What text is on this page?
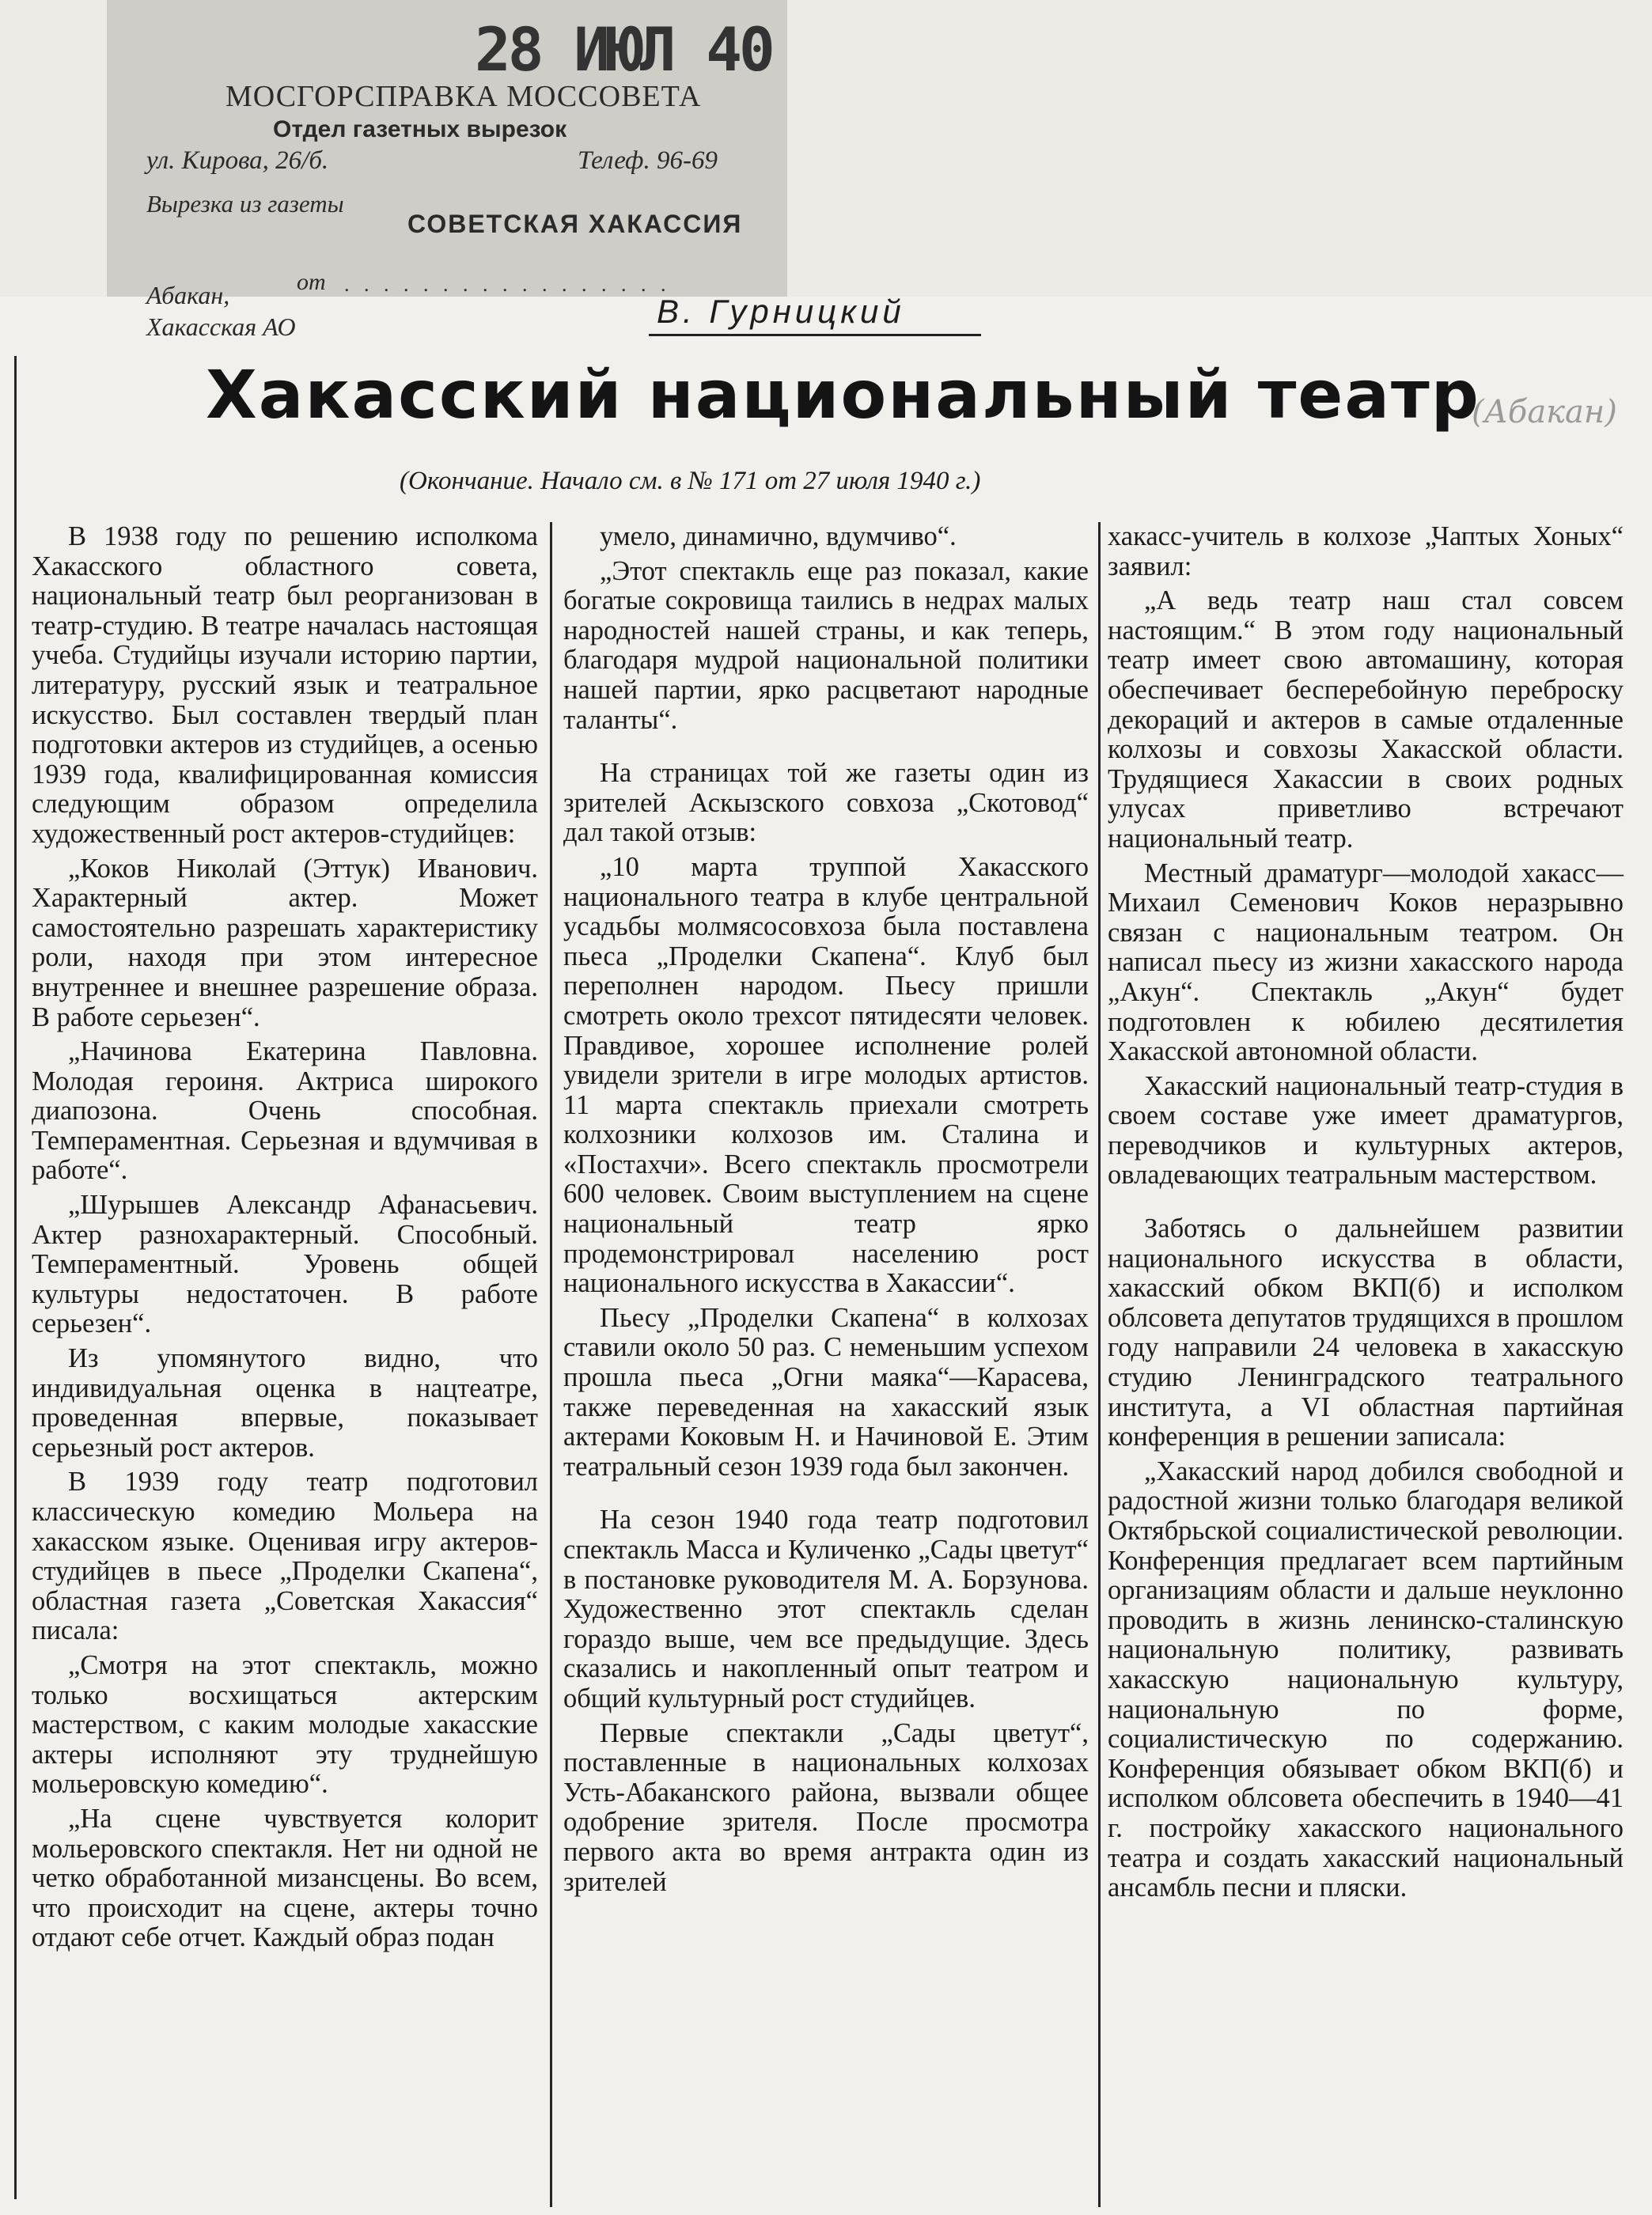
28 ИЮЛ 40
МОСГОРСПРАВКА МОССОВЕТА
Отдел газетных вырезок
ул. Кирова, 26/б.	Телеф. 96-69
Вырезка из газеты
СОВЕТСКАЯ ХАКАССИЯ
от . . . . . . . . . . . . . . . . .
Абакан,
Хакасская АО	В. Гурницкий
Хакасский национальный театр
(Абакан)
(Окончание. Начало см. в № 171 от 27 июля 1940 г.)

В 1938 году по решению исполкома Хакасского областного совета, национальный театр был реорганизован в театр-студию. В театре началась настоящая учеба. Студийцы изучали историю партии, литературу, русский язык и театральное искусство. Был составлен твердый план подготовки актеров из студийцев, а осенью 1939 года, квалифицированная комиссия следующим образом определила художественный рост актеров-студийцев:

„Коков Николай (Эттук) Иванович. Характерный актер. Может самостоятельно разрешать характеристику роли, находя при этом интересное внутреннее и внешнее разрешение образа. В работе серьезен“.

„Начинова Екатерина Павловна. Молодая героиня. Актриса широкого диапозона. Очень способная. Темпераментная. Серьезная и вдумчивая в работе“.

„Шурышев Александр Афанасьевич. Актер разнохарактерный. Способный. Темпераментный. Уровень общей культуры недостаточен. В работе серьезен“.

Из упомянутого видно, что индивидуальная оценка в нацтеатре, проведенная впервые, показывает серьезный рост актеров.

В 1939 году театр подготовил классическую комедию Мольера на хакасском языке. Оценивая игру актеров-студийцев в пьесе „Проделки Скапена“, областная газета „Советская Хакассия“ писала:

„Смотря на этот спектакль, можно только восхищаться актерским мастерством, с каким молодые хакасские актеры исполняют эту труднейшую мольеровскую комедию“.

„На сцене чувствуется колорит мольеровского спектакля. Нет ни одной не четко обработанной мизансцены. Во всем, что происходит на сцене, актеры точно отдают себе отчет. Каждый образ подан

умело, динамично, вдумчиво“.

„Этот спектакль еще раз показал, какие богатые сокровища таились в недрах малых народностей нашей страны, и как теперь, благодаря мудрой национальной политики нашей партии, ярко расцветают народные таланты“.

На страницах той же газеты один из зрителей Аскызского совхоза „Скотовод“ дал такой отзыв:

„10 марта труппой Хакасского национального театра в клубе центральной усадьбы молмясосовхоза была поставлена пьеса „Проделки Скапена“. Клуб был переполнен народом. Пьесу пришли смотреть около трехсот пятидесяти человек. Правдивое, хорошее исполнение ролей увидели зрители в игре молодых артистов. 11 марта спектакль приехали смотреть колхозники колхозов им. Сталина и «Постахчи». Всего спектакль просмотрели 600 человек. Своим выступлением на сцене национальный театр ярко продемонстрировал населению рост национального искусства в Хакассии“.

Пьесу „Проделки Скапена“ в колхозах ставили около 50 раз. С неменьшим успехом прошла пьеса „Огни маяка“—Карасева, также переведенная на хакасский язык актерами Коковым Н. и Начиновой Е. Этим театральный сезон 1939 года был закончен.

На сезон 1940 года театр подготовил спектакль Масса и Куличенко „Сады цветут“ в постановке руководителя М. А. Борзунова. Художественно этот спектакль сделан гораздо выше, чем все предыдущие. Здесь сказались и накопленный опыт театром и общий культурный рост студийцев.

Первые спектакли „Сады цветут“, поставленные в национальных колхозах Усть-Абаканского района, вызвали общее одобрение зрителя. После просмотра первого акта во время антракта один из зрителей

хакасс-учитель в колхозе „Чаптых Хоных“ заявил:

„А ведь театр наш стал совсем настоящим.“ В этом году национальный театр имеет свою автомашину, которая обеспечивает бесперебойную переброску декораций и актеров в самые отдаленные колхозы и совхозы Хакасской области. Трудящиеся Хакассии в своих родных улусах приветливо встречают национальный театр.

Местный драматург—молодой хакасс—Михаил Семенович Коков неразрывно связан с национальным театром. Он написал пьесу из жизни хакасского народа „Акун“. Спектакль „Акун“ будет подготовлен к юбилею десятилетия Хакасской автономной области.

Хакасский национальный театр-студия в своем составе уже имеет драматургов, переводчиков и культурных актеров, овладевающих театральным мастерством.

Заботясь о дальнейшем развитии национального искусства в области, хакасский обком ВКП(б) и исполком облсовета депутатов трудящихся в прошлом году направили 24 человека в хакасскую студию Ленинградского театрального института, а VI областная партийная конференция в решении записала:

„Хакасский народ добился свободной и радостной жизни только благодаря великой Октябрьской социалистической революции. Конференция предлагает всем партийным организациям области и дальше неуклонно проводить в жизнь ленинско-сталинскую национальную политику, развивать хакасскую национальную культуру, национальную по форме, социалистическую по содержанию. Конференция обязывает обком ВКП(б) и исполком облсовета обеспечить в 1940—41 г. постройку хакасского национального театра и создать хакасский национальный ансамбль песни и пляски.
